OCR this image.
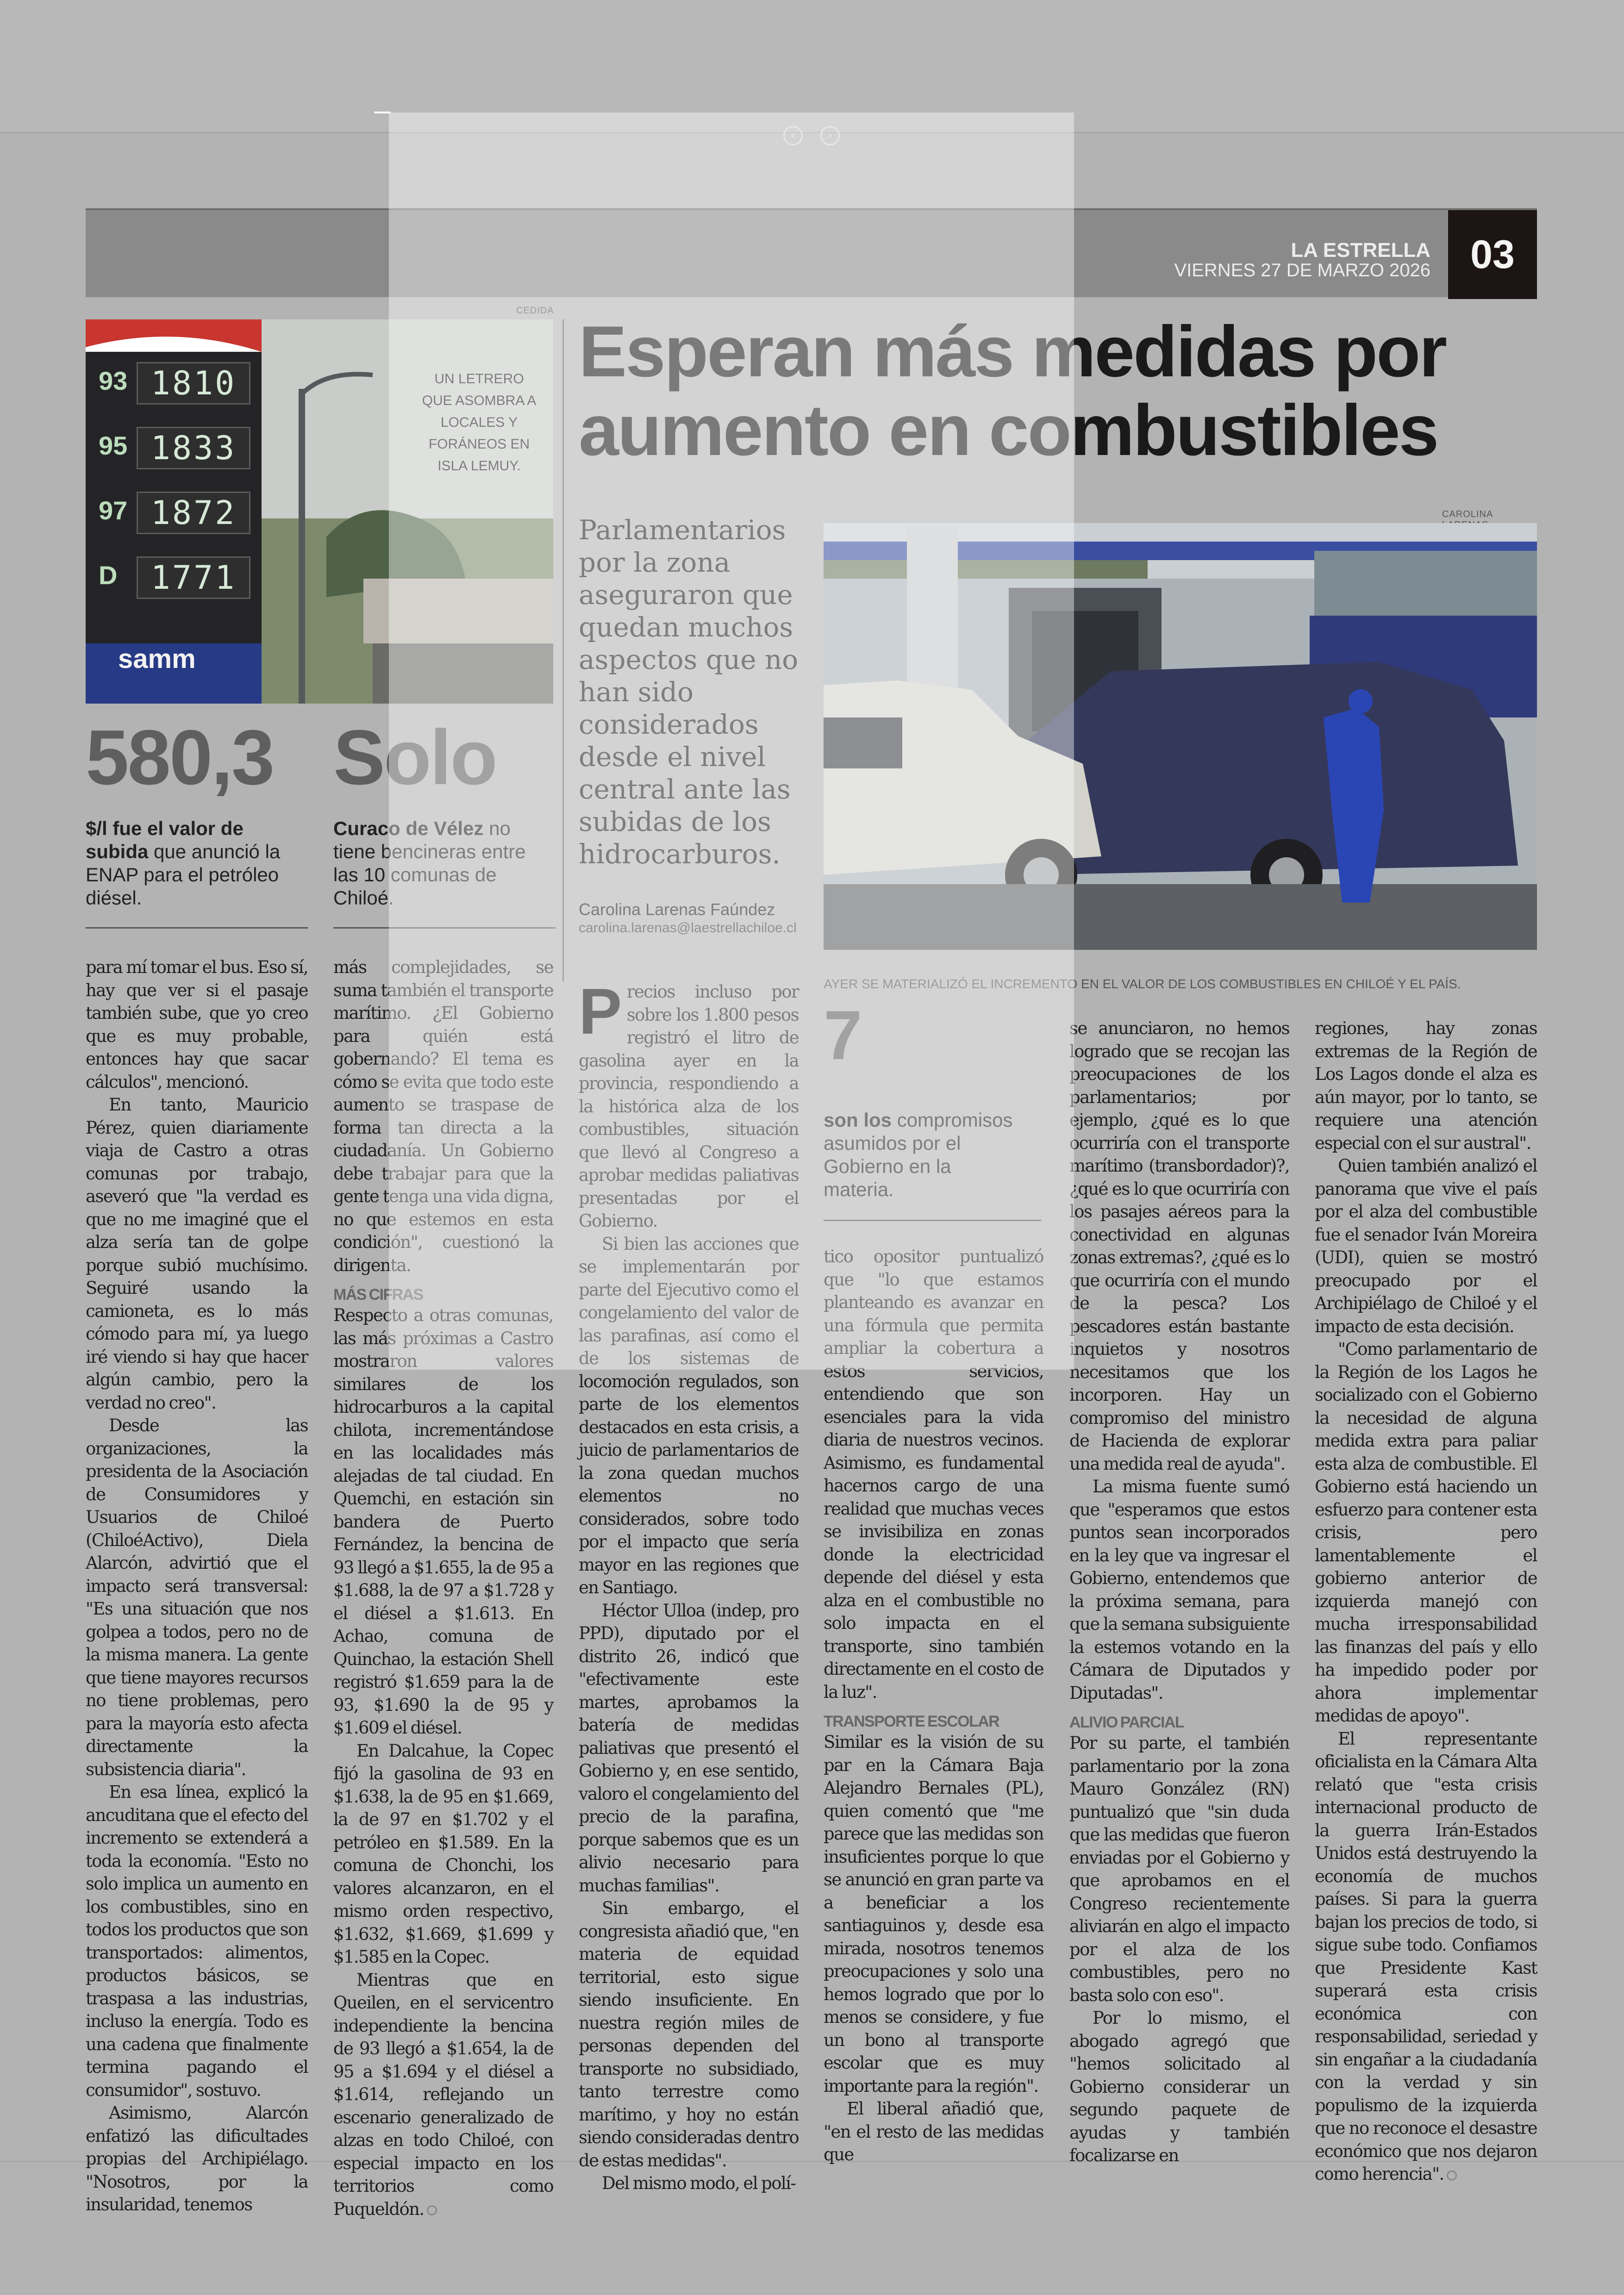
‹	›
LA ESTRELLA
VIERNES 27 DE MARZO 2026	03
CEDIDA
93 1810
95 1833
97 1872
D	1771
samm
UN LETRERO QUE ASOMBRA A LOCALES Y FORÁNEOS EN ISLA LEMUY.
580,3
$/l fue el valor de subida que anunció la ENAP para el petróleo diésel.
Solo
Curaco de Vélez no tiene bencineras entre las 10 comunas de Chiloé.
Esperan más medidas por aumento en combustibles
Parlamentarios por la zona aseguraron que quedan muchos aspectos que no han sido considerados desde el nivel central ante las subidas de los hidrocarburos.
Carolina Larenas Faúndez
carolina.larenas@laestrellachiloe.cl
CAROLINA
AYER SE MATERIALIZÓ EL INCREMENTO EN EL VALOR DE LOS COMBUSTIBLES EN CHILOÉ Y EL PAÍS.

para mí tomar el bus. Eso sí, hay que ver si el pasaje también sube, que yo creo que es muy probable, entonces hay que sacar cálculos", mencionó.

En tanto, Mauricio Pérez, quien diariamente viaja de Castro a otras comunas por trabajo, aseveró que "la verdad es que no me imaginé que el alza sería tan de golpe porque subió muchísimo. Seguiré usando la camioneta, es lo más cómodo para mí, ya luego iré viendo si hay que hacer algún cambio, pero la verdad no creo".

Desde las organizaciones, la presidenta de la Asociación de Consumidores y Usuarios de Chiloé (ChiloéActivo), Diela Alarcón, advirtió que el impacto será transversal: "Es una situación que nos golpea a todos, pero no de la misma manera. La gente que tiene mayores recursos no tiene problemas, pero para la mayoría esto afecta directamente la subsistencia diaria".

En esa línea, explicó la ancuditana que el efecto del incremento se extenderá a toda la economía. "Esto no solo implica un aumento en los combustibles, sino en todos los productos que son transportados: alimentos, productos básicos, se traspasa a las industrias, incluso la energía. Todo es una cadena que finalmente termina pagando el consumidor", sostuvo.

Asimismo, Alarcón enfatizó las dificultades propias del Archipiélago. "Nosotros, por la insularidad, tenemos

más complejidades, se suma también el transporte marítimo. ¿El Gobierno para quién está gobernando? El tema es cómo se evita que todo este aumento se traspase de forma tan directa a la ciudadanía. Un Gobierno debe trabajar para que la gente tenga una vida digna, no que estemos en esta condición", cuestionó la dirigenta.

MÁS CIFRAS

Respecto a otras comunas, las más próximas a Castro mostraron valores similares de los hidrocarburos a la capital chilota, incrementándose en las localidades más alejadas de tal ciudad. En Quemchi, en estación sin bandera de Puerto Fernández, la bencina de 93 llegó a $1.655, la de 95 a $1.688, la de 97 a $1.728 y el diésel a $1.613. En Achao, comuna de Quinchao, la estación Shell registró $1.659 para la de 93, $1.690 la de 95 y $1.609 el diésel.

En Dalcahue, la Copec fijó la gasolina de 93 en $1.638, la de 95 en $1.669, la de 97 en $1.702 y el petróleo en $1.589. En la comuna de Chonchi, los valores alcanzaron, en el mismo orden respectivo, $1.632, $1.669, $1.699 y $1.585 en la Copec.

Mientras que en Queilen, en el servicentro independiente la bencina de 93 llegó a $1.654, la de 95 a $1.694 y el diésel a $1.614, reflejando un escenario generalizado de alzas en todo Chiloé, con especial impacto en los territorios como Puqueldón.

Precios incluso por sobre los 1.800 pesos registró el litro de gasolina ayer en la provincia, respondiendo a la histórica alza de los combustibles, situación que llevó al Congreso a aprobar medidas paliativas presentadas por el Gobierno.

Si bien las acciones que se implementarán por parte del Ejecutivo como el congelamiento del valor de las parafinas, así como el de los sistemas de locomoción regulados, son parte de los elementos destacados en esta crisis, a juicio de parlamentarios de la zona quedan muchos elementos no considerados, sobre todo por el impacto que sería mayor en las regiones que en Santiago.

Héctor Ulloa (indep, pro PPD), diputado por el distrito 26, indicó que "efectivamente este martes, aprobamos la batería de medidas paliativas que presentó el Gobierno y, en ese sentido, valoro el congelamiento del precio de la parafina, porque sabemos que es un alivio necesario para muchas familias".

Sin embargo, el congresista añadió que, "en materia de equidad territorial, esto sigue siendo insuficiente. En nuestra región miles de personas dependen del transporte no subsidiado, tanto terrestre como marítimo, y hoy no están siendo consideradas dentro de estas medidas".

Del mismo modo, el polí-

7
son los compromisos asumidos por el Gobierno en la materia.

tico opositor puntualizó que "lo que estamos planteando es avanzar en una fórmula que permita ampliar la cobertura a estos servicios, entendiendo que son esenciales para la vida diaria de nuestros vecinos. Asimismo, es fundamental hacernos cargo de una realidad que muchas veces se invisibiliza en zonas donde la electricidad depende del diésel y esta alza en el combustible no solo impacta en el transporte, sino también directamente en el costo de la luz".

TRANSPORTE ESCOLAR

Similar es la visión de su par en la Cámara Baja Alejandro Bernales (PL), quien comentó que "me parece que las medidas son insuficientes porque lo que se anunció en gran parte va a beneficiar a los santiaguinos y, desde esa mirada, nosotros tenemos preocupaciones y solo una hemos logrado que por lo menos se considere, y fue un bono al transporte escolar que es muy importante para la región".

El liberal añadió que, "en el resto de las medidas que

se anunciaron, no hemos logrado que se recojan las preocupaciones de los parlamentarios; por ejemplo, ¿qué es lo que ocurriría con el transporte marítimo (transbordador)?, ¿qué es lo que ocurriría con los pasajes aéreos para la conectividad en algunas zonas extremas?, ¿qué es lo que ocurriría con el mundo de la pesca? Los pescadores están bastante inquietos y nosotros necesitamos que los incorporen. Hay un compromiso del ministro de Hacienda de explorar una medida real de ayuda".

La misma fuente sumó que "esperamos que estos puntos sean incorporados en la ley que va ingresar el Gobierno, entendemos que la próxima semana, para que la semana subsiguiente la estemos votando en la Cámara de Diputados y Diputadas".

ALIVIO PARCIAL

Por su parte, el también parlamentario por la zona Mauro González (RN) puntualizó que "sin duda que las medidas que fueron enviadas por el Gobierno y que aprobamos en el Congreso recientemente aliviarán en algo el impacto por el alza de los combustibles, pero no basta solo con eso".

Por lo mismo, el abogado agregó que "hemos solicitado al Gobierno considerar un segundo paquete de ayudas y también focalizarse en

regiones, hay zonas extremas de la Región de Los Lagos donde el alza es aún mayor, por lo tanto, se requiere una atención especial con el sur austral".

Quien también analizó el panorama que vive el país por el alza del combustible fue el senador Iván Moreira (UDI), quien se mostró preocupado por el Archipiélago de Chiloé y el impacto de esta decisión.

"Como parlamentario de la Región de los Lagos he socializado con el Gobierno la necesidad de alguna medida extra para paliar esta alza de combustible. El Gobierno está haciendo un esfuerzo para contener esta crisis, pero lamentablemente el gobierno anterior de izquierda manejó con mucha irresponsabilidad las finanzas del país y ello ha impedido poder por ahora implementar medidas de apoyo".

El representante oficialista en la Cámara Alta relató que "esta crisis internacional producto de la guerra Irán-Estados Unidos está destruyendo la economía de muchos países. Si para la guerra bajan los precios de todo, si sigue sube todo. Confiamos que Presidente Kast superará esta crisis económica con responsabilidad, seriedad y sin engañar a la ciudadanía con la verdad y sin populismo de la izquierda que no reconoce el desastre económico que nos dejaron como herencia".
